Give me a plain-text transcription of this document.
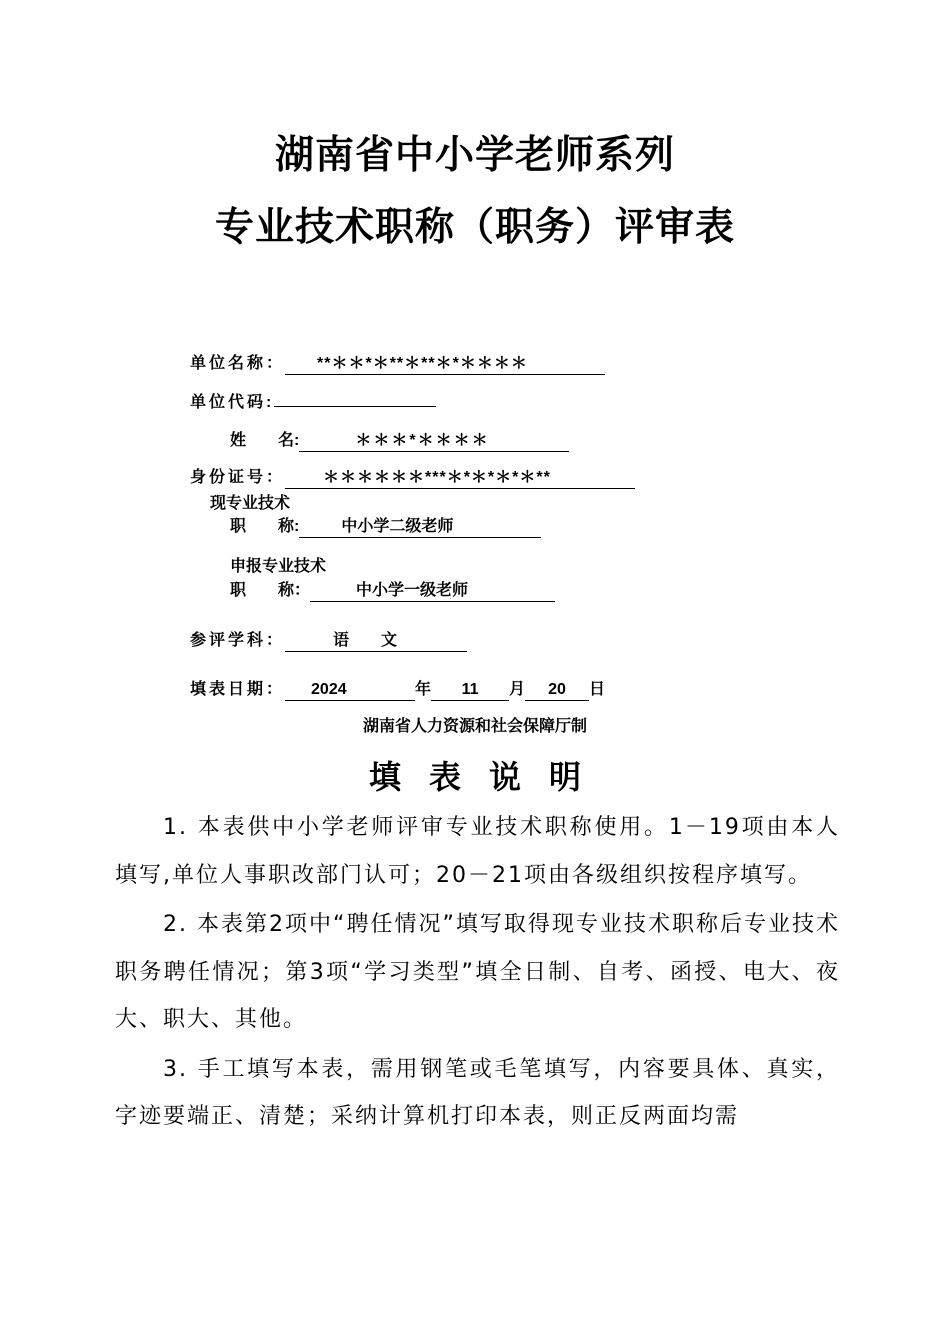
湖南省中小学老师系列
专业技术职称（职务）评审表
单位名称： **＊＊*＊**＊**＊*＊＊＊＊
单位代码:
姓　　名:	＊＊＊*＊＊＊＊
身份证号： ＊＊＊＊＊＊***＊*＊*＊*＊**
现专业技术
职　　称:	中小学二级老师
申报专业技术
职　　称：	中小学一级老师
参评学科：	语　　文
填表日期： 2024	年 11 月 20 日
湖南省人力资源和社会保障厅制
填表说明

1. 本表供中小学老师评审专业技术职称使用。1－19项由本人填写,单位人事职改部门认可；20－21项由各级组织按程序填写。

2. 本表第2项中“聘任情况”填写取得现专业技术职称后专业技术职务聘任情况；第3项“学习类型”填全日制、自考、函授、电大、夜大、职大、其他。

3. 手工填写本表，需用钢笔或毛笔填写，内容要具体、真实，字迹要端正、清楚；采纳计算机打印本表，则正反两面均需
